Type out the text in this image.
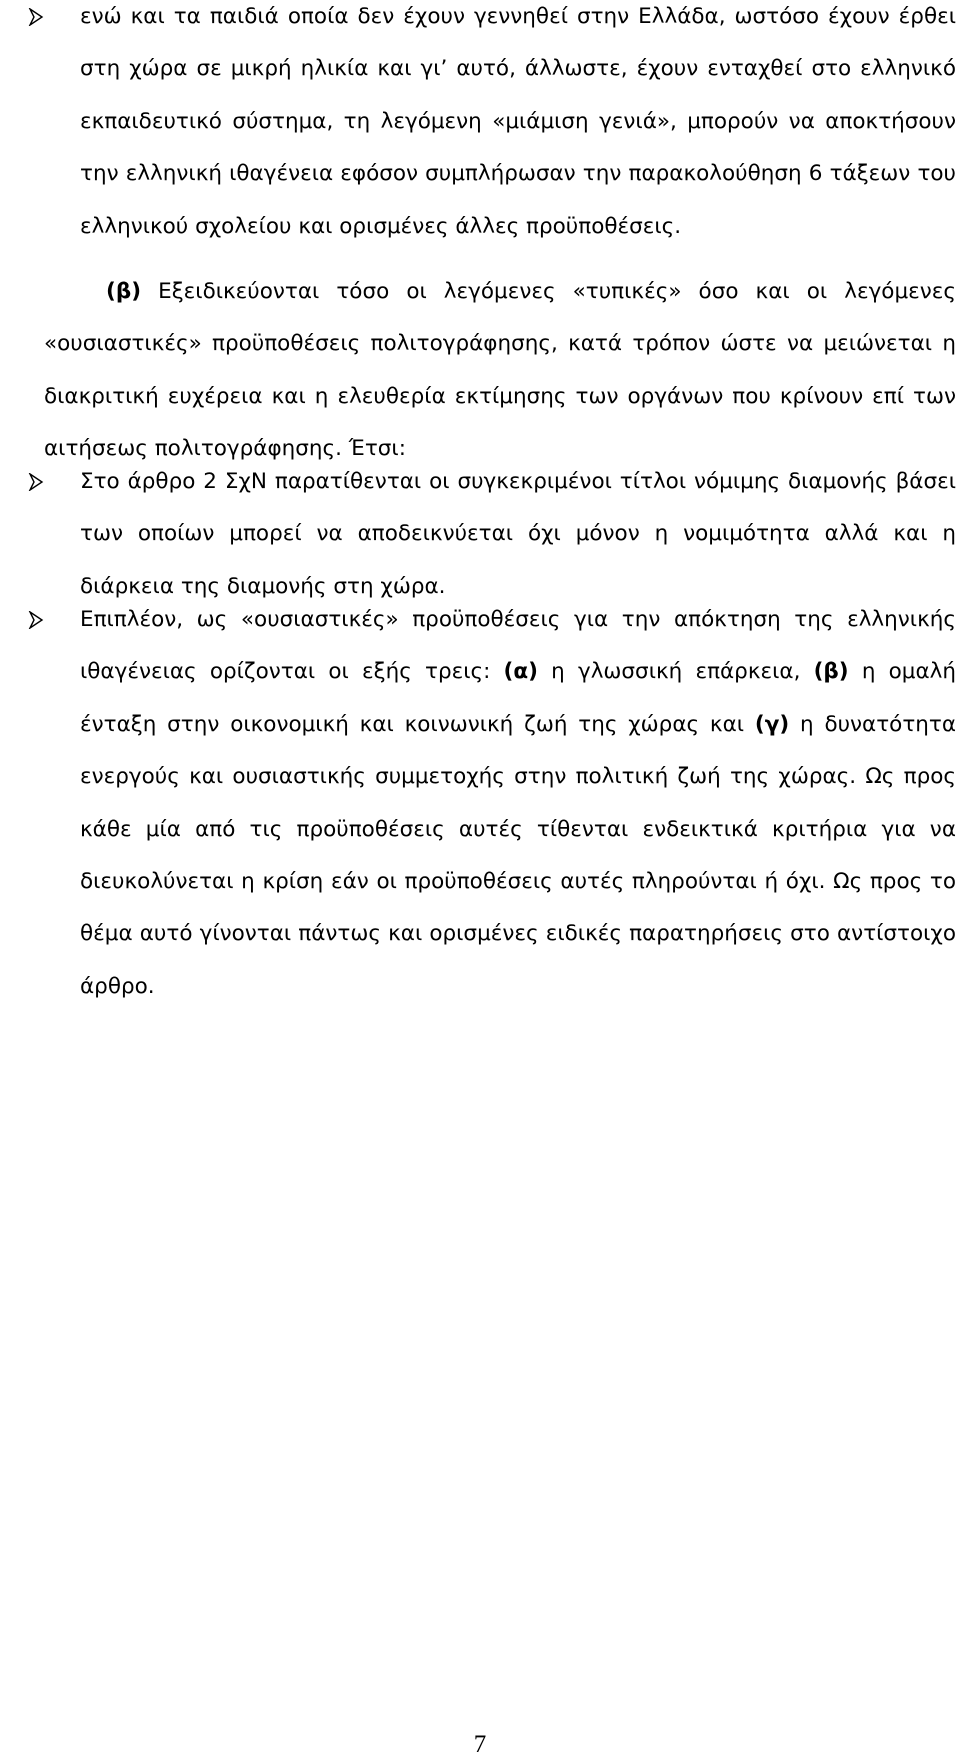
ενώ και τα παιδιά οποία δεν έχουν γεννηθεί στην Ελλάδα, ωστόσο έχουν έρθει στη χώρα σε μικρή ηλικία και γι’ αυτό, άλλωστε, έχουν ενταχθεί στο ελληνικό εκπαιδευτικό σύστημα, τη λεγόμενη «μιάμιση γενιά», μπορούν να αποκτήσουν την ελληνική ιθαγένεια εφόσον συμπλήρωσαν την παρακολούθηση 6 τάξεων του ελληνικού σχολείου και ορισμένες άλλες προϋποθέσεις.
(β) Εξειδικεύονται τόσο οι λεγόμενες «τυπικές» όσο και οι λεγόμενες «ουσιαστικές» προϋποθέσεις πολιτογράφησης, κατά τρόπον ώστε να μειώνεται η διακριτική ευχέρεια και η ελευθερία εκτίμησης των οργάνων που κρίνουν επί των αιτήσεως πολιτογράφησης. Έτσι:
Στο άρθρο 2 ΣχΝ παρατίθενται οι συγκεκριμένοι τίτλοι νόμιμης διαμονής βάσει των οποίων μπορεί να αποδεικνύεται όχι μόνον η νομιμότητα αλλά και η διάρκεια της διαμονής στη χώρα.
Επιπλέον, ως «ουσιαστικές» προϋποθέσεις για την απόκτηση της ελληνικής ιθαγένειας ορίζονται οι εξής τρεις: (α) η γλωσσική επάρκεια, (β) η ομαλή ένταξη στην οικονομική και κοινωνική ζωή της χώρας και (γ) η δυνατότητα ενεργούς και ουσιαστικής συμμετοχής στην πολιτική ζωή της χώρας. Ως προς κάθε μία από τις προϋποθέσεις αυτές τίθενται ενδεικτικά κριτήρια για να διευκολύνεται η κρίση εάν οι προϋποθέσεις αυτές πληρούνται ή όχι. Ως προς το θέμα αυτό γίνονται πάντως και ορισμένες ειδικές παρατηρήσεις στο αντίστοιχο άρθρο.
7
